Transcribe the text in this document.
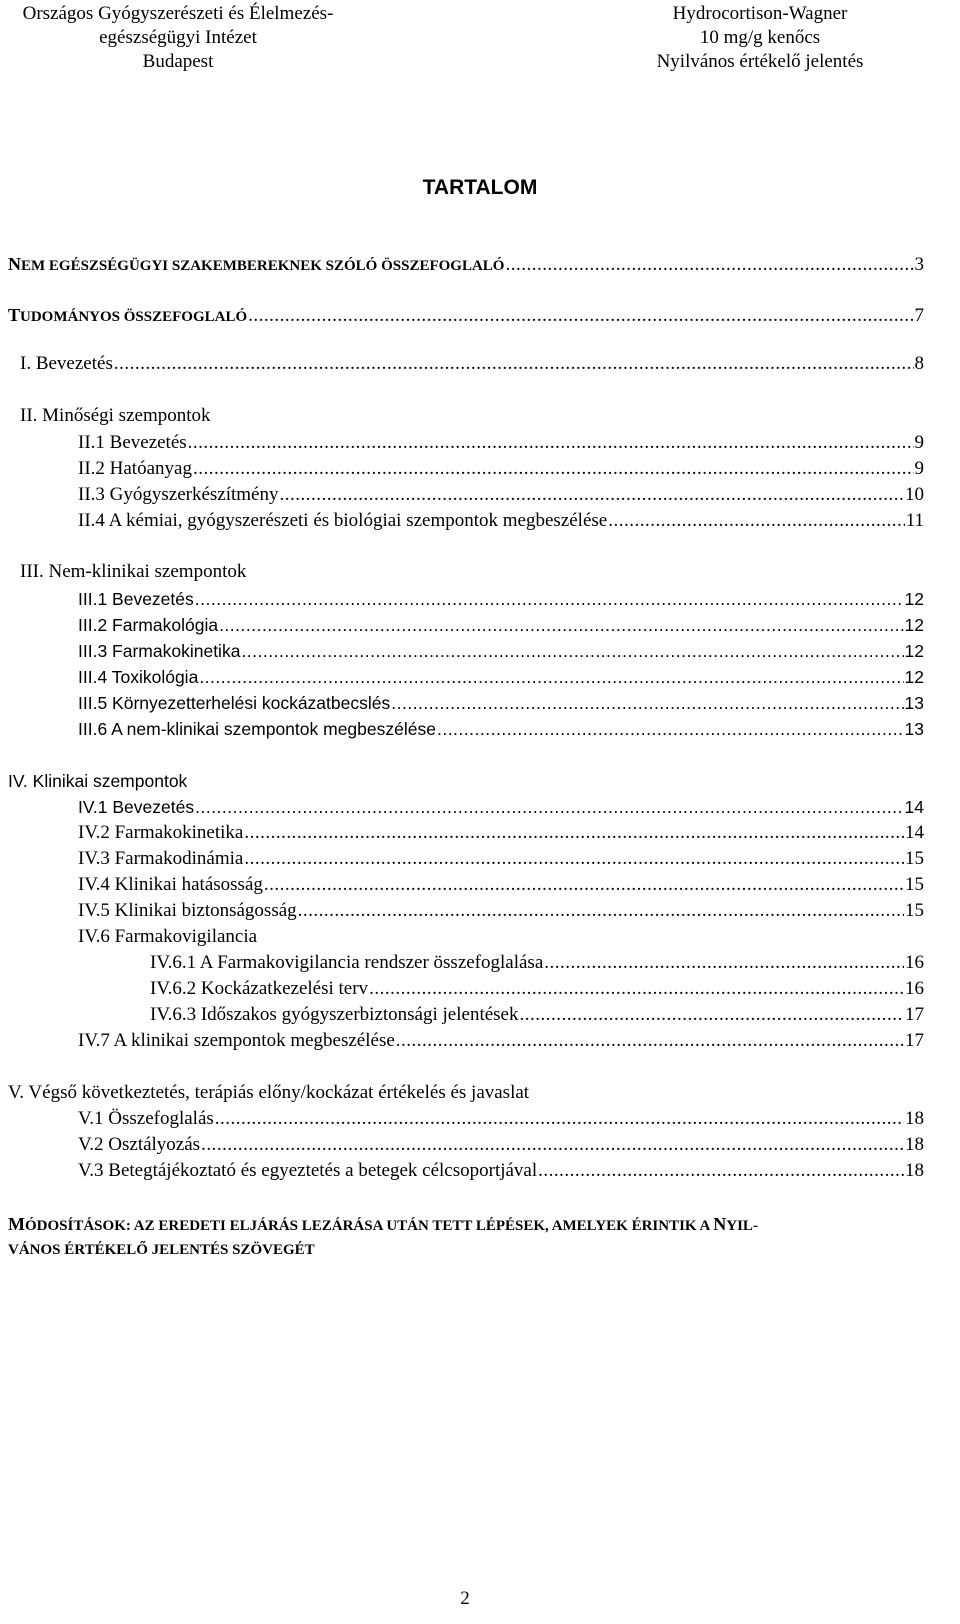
Országos Gyógyszerészeti és Élelmezés-
egészségügyi Intézet
Budapest
Hydrocortison-Wagner
10 mg/g kenőcs
Nyilvános értékelő jelentés
TARTALOM
NEM EGÉSZSÉGÜGYI SZAKEMBEREKNEK SZÓLÓ ÖSSZEFOGLALÓ .....	3
TUDOMÁNYOS ÖSSZEFOGLALÓ .....	7
I. Bevezetés .....	8
II. Minőségi szempontok
II.1 Bevezetés .....	9
II.2 Hatóanyag .....	9
II.3 Gyógyszerkészítmény .....	10
II.4 A kémiai, gyógyszerészeti és biológiai szempontok megbeszélése .....	11
III. Nem-klinikai szempontok
III.1 Bevezetés .....	12
III.2 Farmakológia .....	12
III.3 Farmakokinetika .....	12
III.4 Toxikológia .....	12
III.5 Környezetterhelési kockázatbecslés .....	13
III.6 A nem-klinikai szempontok megbeszélése .....	13
IV. Klinikai szempontok
IV.1 Bevezetés .....	14
IV.2 Farmakokinetika .....	14
IV.3 Farmakodinámia .....	15
IV.4 Klinikai hatásosság .....	15
IV.5 Klinikai biztonságosság .....	15
IV.6 Farmakovigilancia
IV.6.1 A Farmakovigilancia rendszer összefoglalása .....	16
IV.6.2 Kockázatkezelési terv .....	16
IV.6.3 Időszakos gyógyszerbiztonsági jelentések .....	17
IV.7 A klinikai szempontok megbeszélése .....	17
V. Végső következtetés, terápiás előny/kockázat értékelés és javaslat
V.1 Összefoglalás .....	18
V.2 Osztályozás .....	18
V.3 Betegtájékoztató és egyeztetés a betegek célcsoportjával .....	18
MÓDOSÍTÁSOK: AZ EREDETI ELJÁRÁS LEZÁRÁSA UTÁN TETT LÉPÉSEK, AMELYEK ÉRINTIK A NYIL-
VÁNOS ÉRTÉKELŐ JELENTÉS SZÖVEGÉT
2
